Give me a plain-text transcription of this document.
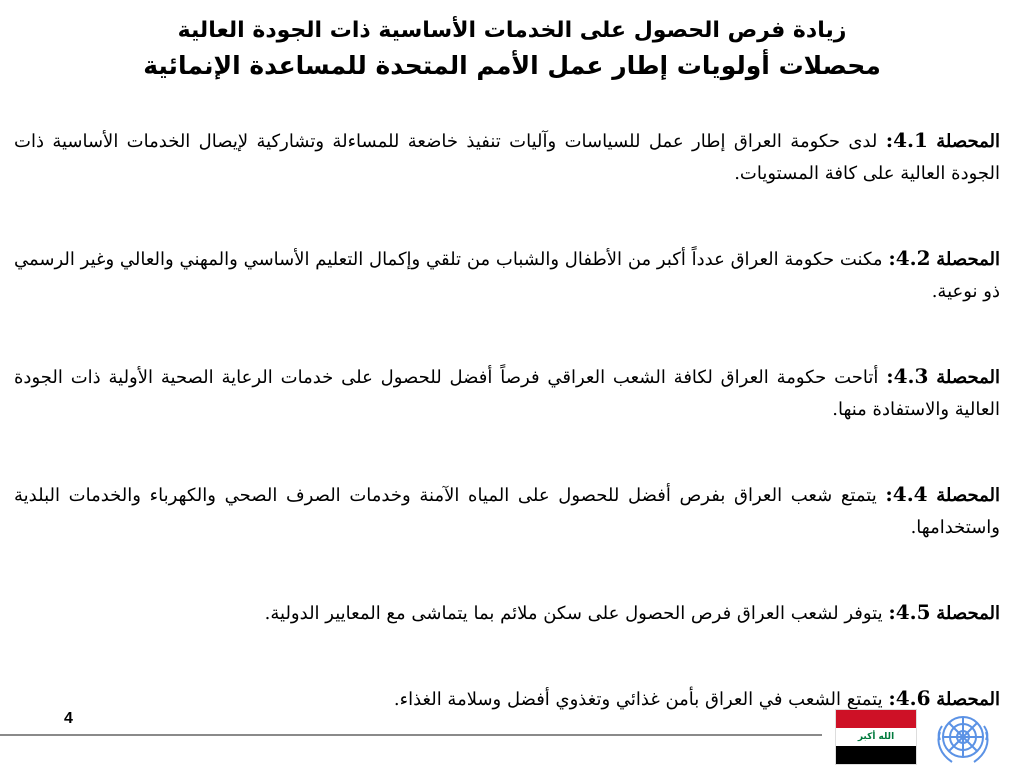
زيادة فرص الحصول على الخدمات الأساسية ذات الجودة العالية
محصلات أولويات إطار عمل الأمم المتحدة للمساعدة الإنمائية

المحصلة 4.1: لدى حكومة العراق إطار عمل للسياسات وآليات تنفيذ خاضعة للمساءلة وتشاركية لإيصال الخدمات الأساسية ذات الجودة العالية على كافة المستويات.

المحصلة 4.2: مكنت حكومة العراق عدداً أكبر من الأطفال والشباب من تلقي وإكمال التعليم الأساسي والمهني والعالي وغير الرسمي ذو نوعية.

المحصلة 4.3: أتاحت حكومة العراق لكافة الشعب العراقي فرصاً أفضل للحصول على خدمات الرعاية الصحية الأولية ذات الجودة العالية والاستفادة منها.

المحصلة 4.4: يتمتع شعب العراق بفرص أفضل للحصول على المياه الآمنة وخدمات الصرف الصحي والكهرباء والخدمات البلدية واستخدامها.

المحصلة 4.5: يتوفر لشعب العراق فرص الحصول على سكن ملائم بما يتماشى مع المعايير الدولية.

المحصلة 4.6: يتمتع الشعب في العراق بأمن غذائي وتغذوي أفضل وسلامة الغذاء.

4
الله أكبر
